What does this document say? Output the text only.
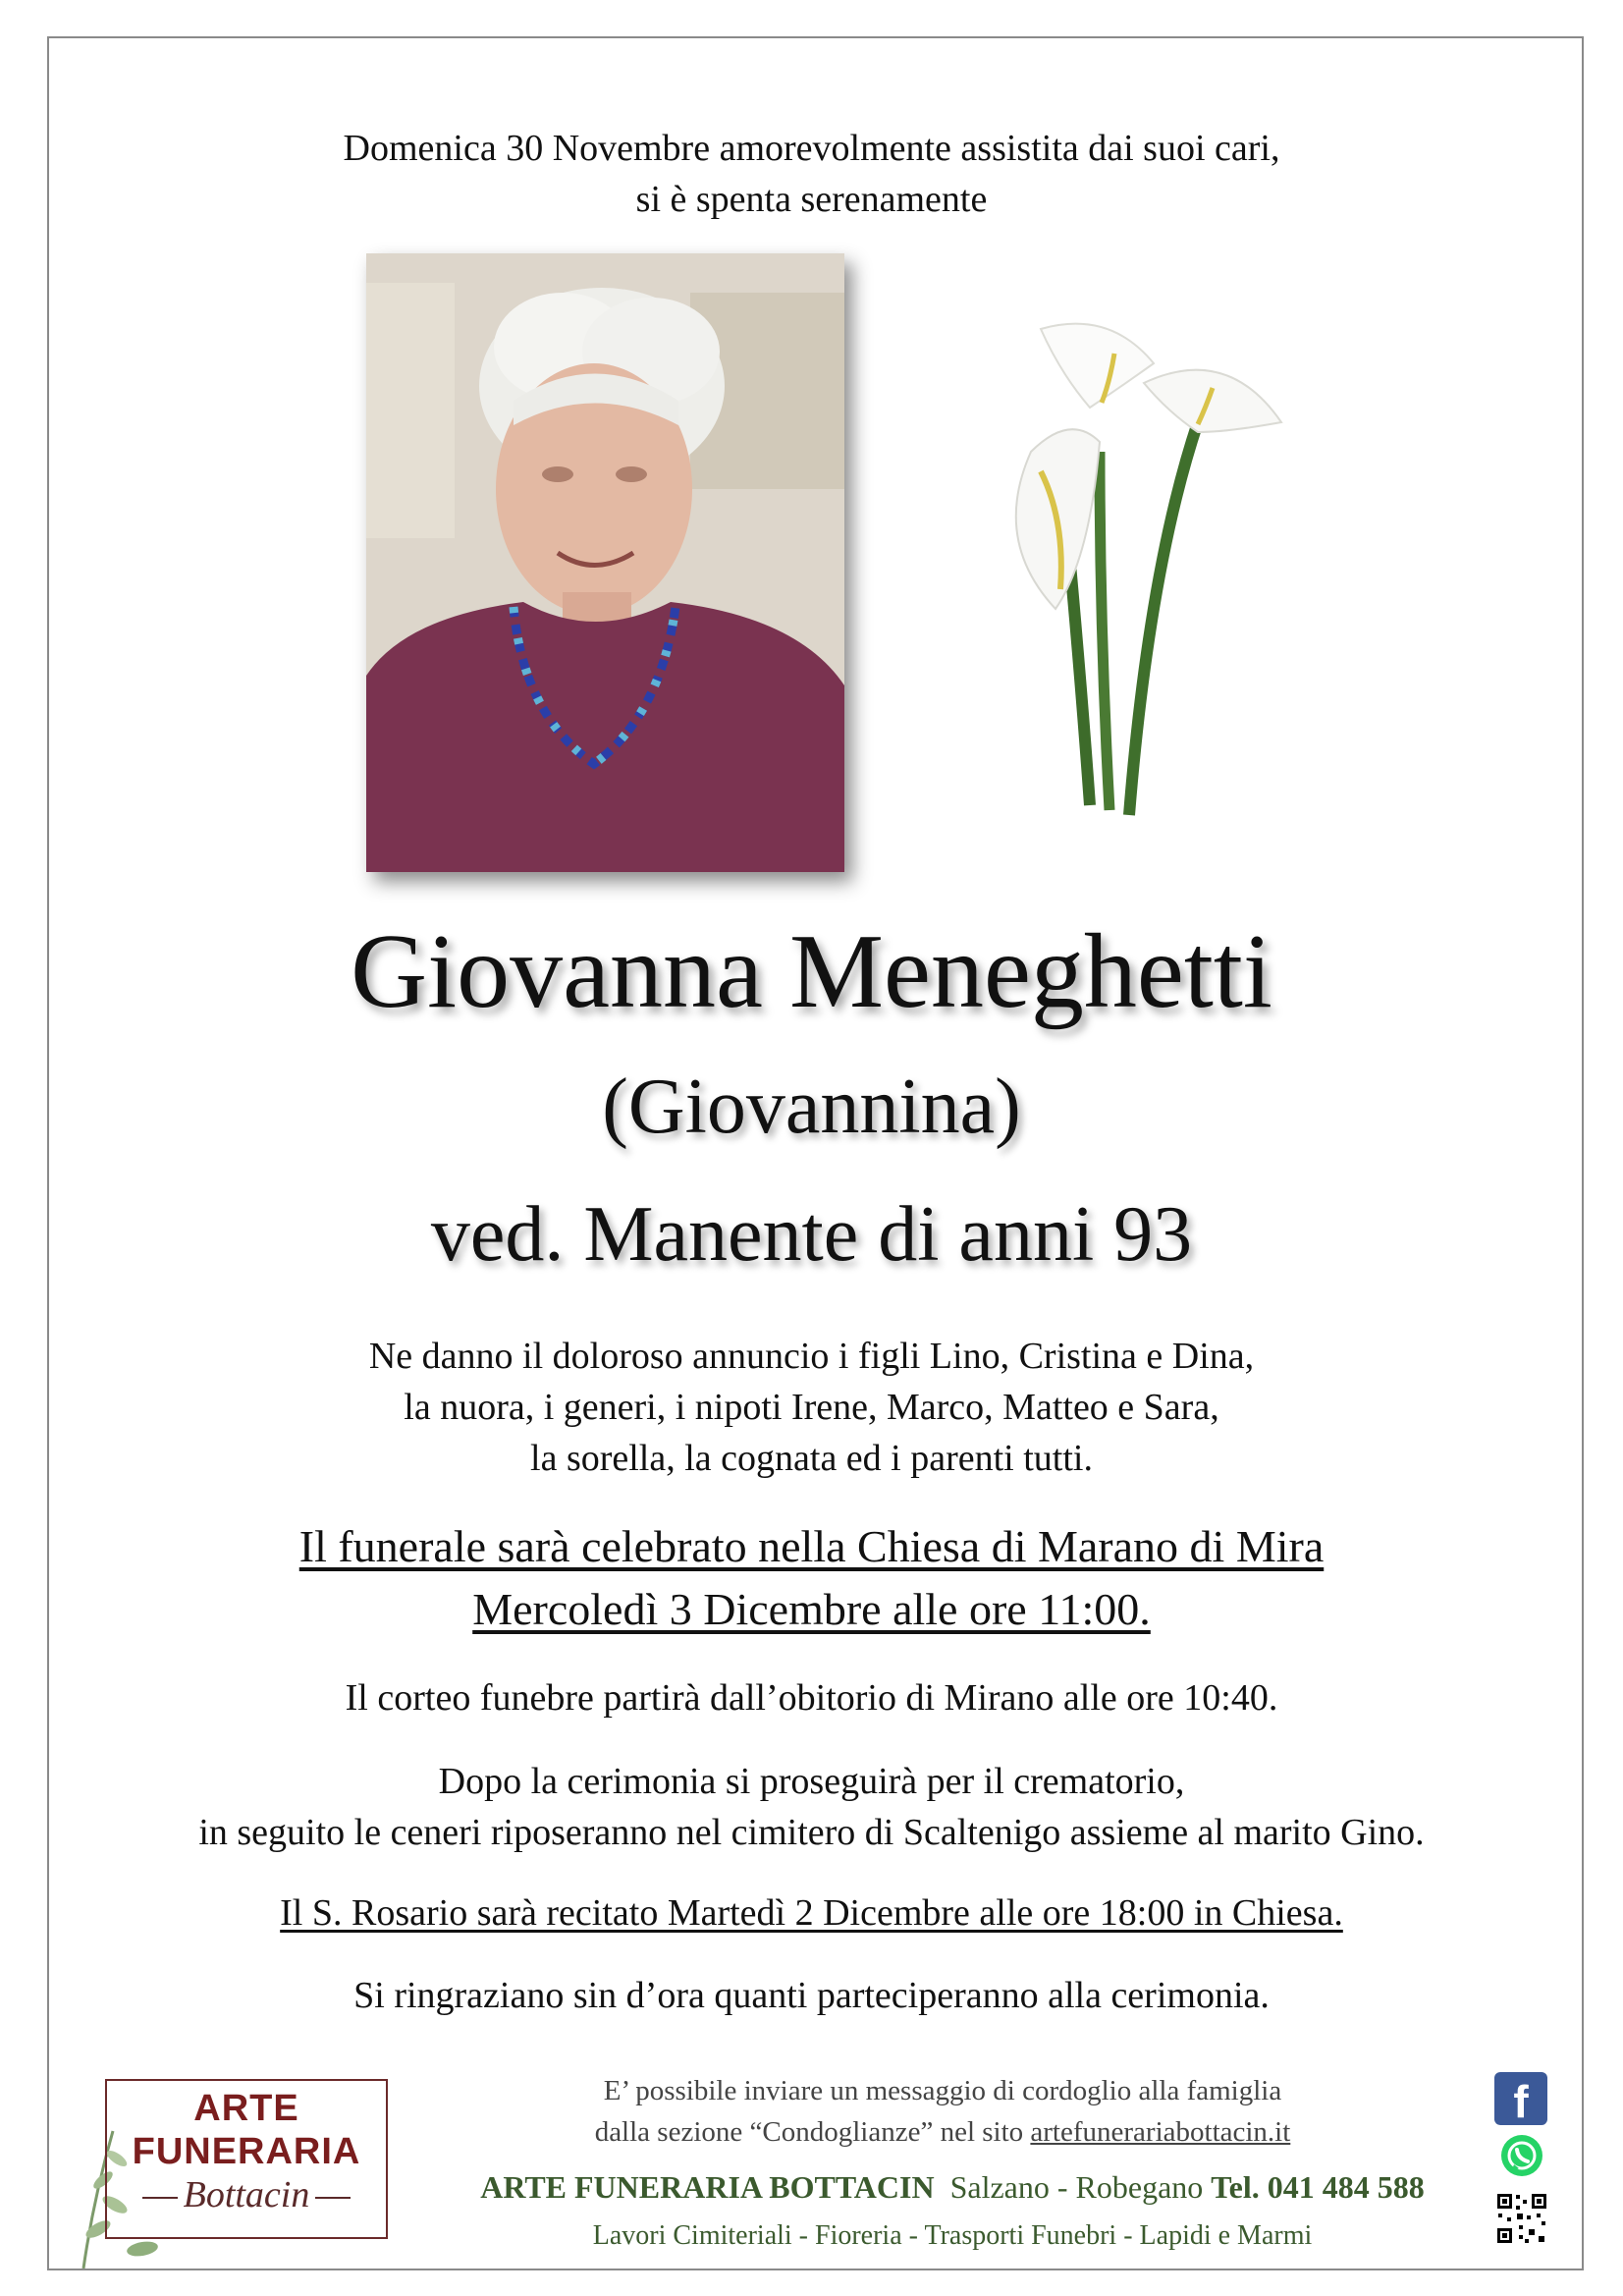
Domenica 30 Novembre amorevolmente assistita dai suoi cari,
si è spenta serenamente
Giovanna Meneghetti
(Giovannina)
ved. Manente di anni 93
Ne danno il doloroso annuncio i figli Lino, Cristina e Dina,
la nuora, i generi, i nipoti Irene, Marco, Matteo e Sara,
la sorella, la cognata ed i parenti tutti.
Il funerale sarà celebrato nella Chiesa di Marano di Mira
Mercoledì 3 Dicembre alle ore 11:00.
Il corteo funebre partirà dall’obitorio di Mirano alle ore 10:40.
Dopo la cerimonia si proseguirà per il crematorio,
in seguito le ceneri riposeranno nel cimitero di Scaltenigo assieme al marito Gino.
Il S. Rosario sarà recitato Martedì 2 Dicembre alle ore 18:00 in Chiesa.
Si ringraziano sin d’ora quanti parteciperanno alla cerimonia.
ARTE
FUNERARIA
Bottacin
E’ possibile inviare un messaggio di cordoglio alla famiglia
dalla sezione “Condoglianze” nel sito artefunerariabottacin.it
ARTE FUNERARIA BOTTACIN Salzano - Robegano Tel. 041 484 588
Lavori Cimiteriali - Fioreria - Trasporti Funebri - Lapidi e Marmi
f
